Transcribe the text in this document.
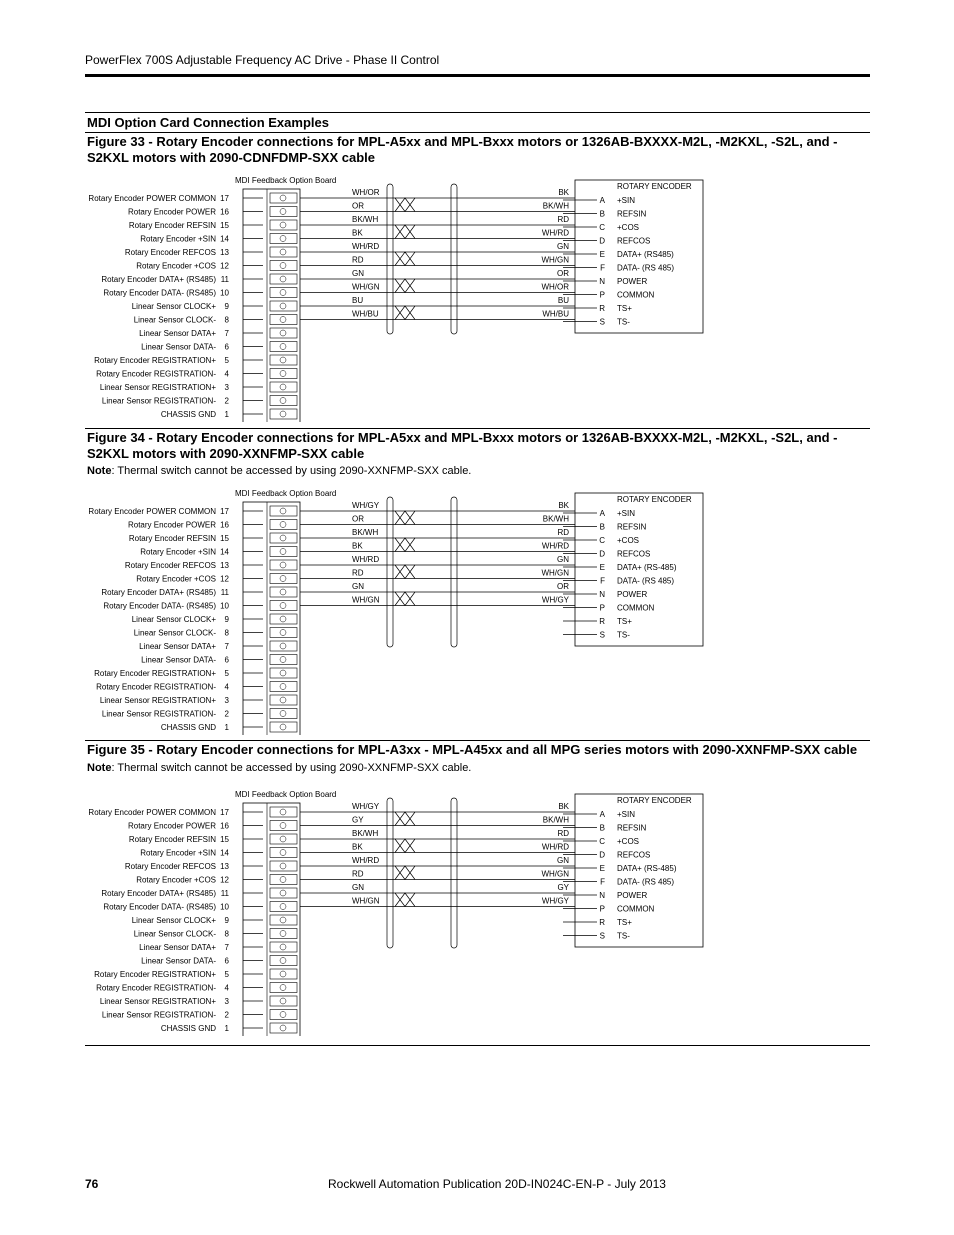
PowerFlex 700S Adjustable Frequency AC Drive - Phase II Control
MDI Option Card Connection Examples
Figure 33 - Rotary Encoder connections for MPL-A5xx and MPL-Bxxx motors or 1326AB-BXXXX-M2L, -M2KXL, -S2L, and -S2KXL motors with 2090-CDNFDMP-SXX cable
MDI Feedback Option Board
Rotary Encoder POWER COMMON 17
Rotary Encoder POWER 16
Rotary Encoder REFSIN 15
Rotary Encoder +SIN 14
Rotary Encoder REFCOS 13
Rotary Encoder +COS 12
Rotary Encoder DATA+ (RS485) 11
Rotary Encoder DATA- (RS485) 10
Linear Sensor CLOCK+ 9
Linear Sensor CLOCK- 8
Linear Sensor DATA+ 7
Linear Sensor DATA- 6
Rotary Encoder REGISTRATION+ 5
Rotary Encoder REGISTRATION- 4
Linear Sensor REGISTRATION+ 3
Linear Sensor REGISTRATION- 2
CHASSIS GND 1
WH/OR
OR
BK/WH
BK
WH/RD
RD
GN
WH/GN
BU
WH/BU
BK
BK/WH
RD
WH/RD
GN
WH/GN
OR
WH/OR
BU
WH/BU
ROTARY ENCODER
A +SIN
B REFSIN
C +COS
D REFCOS
E DATA+ (RS485)
F DATA- (RS 485)
N POWER
P COMMON
R TS+
S TS-
Figure 34 - Rotary Encoder connections for MPL-A5xx and MPL-Bxxx motors or 1326AB-BXXXX-M2L, -M2KXL, -S2L, and -S2KXL motors with 2090-XXNFMP-SXX cable
Note: Thermal switch cannot be accessed by using 2090-XXNFMP-SXX cable.
MDI Feedback Option Board
Rotary Encoder POWER COMMON 17
Rotary Encoder POWER 16
Rotary Encoder REFSIN 15
Rotary Encoder +SIN 14
Rotary Encoder REFCOS 13
Rotary Encoder +COS 12
Rotary Encoder DATA+ (RS485) 11
Rotary Encoder DATA- (RS485) 10
Linear Sensor CLOCK+ 9
Linear Sensor CLOCK- 8
Linear Sensor DATA+ 7
Linear Sensor DATA- 6
Rotary Encoder REGISTRATION+ 5
Rotary Encoder REGISTRATION- 4
Linear Sensor REGISTRATION+ 3
Linear Sensor REGISTRATION- 2
CHASSIS GND 1
WH/GY
OR
BK/WH
BK
WH/RD
RD
GN
WH/GN
BK
BK/WH
RD
WH/RD
GN
WH/GN
OR
WH/GY
ROTARY ENCODER
A +SIN
B REFSIN
C +COS
D REFCOS
E DATA+ (RS-485)
F DATA- (RS 485)
N POWER
P COMMON
R TS+
S TS-
Figure 35 - Rotary Encoder connections for MPL-A3xx - MPL-A45xx and all MPG series motors with 2090-XXNFMP-SXX cable
Note: Thermal switch cannot be accessed by using 2090-XXNFMP-SXX cable.
MDI Feedback Option Board
Rotary Encoder POWER COMMON 17
Rotary Encoder POWER 16
Rotary Encoder REFSIN 15
Rotary Encoder +SIN 14
Rotary Encoder REFCOS 13
Rotary Encoder +COS 12
Rotary Encoder DATA+ (RS485) 11
Rotary Encoder DATA- (RS485) 10
Linear Sensor CLOCK+ 9
Linear Sensor CLOCK- 8
Linear Sensor DATA+ 7
Linear Sensor DATA- 6
Rotary Encoder REGISTRATION+ 5
Rotary Encoder REGISTRATION- 4
Linear Sensor REGISTRATION+ 3
Linear Sensor REGISTRATION- 2
CHASSIS GND 1
WH/GY
GY
BK/WH
BK
WH/RD
RD
GN
WH/GN
BK
BK/WH
RD
WH/RD
GN
WH/GN
GY
WH/GY
ROTARY ENCODER
A +SIN
B REFSIN
C +COS
D REFCOS
E DATA+ (RS-485)
F DATA- (RS 485)
N POWER
P COMMON
R TS+
S TS-
76	Rockwell Automation Publication 20D-IN024C-EN-P - July 2013
